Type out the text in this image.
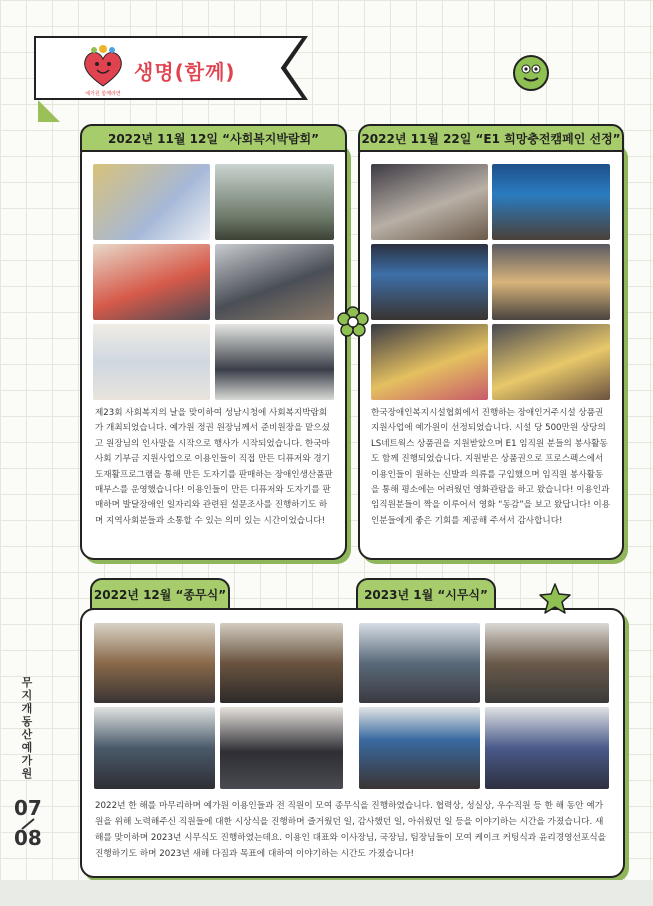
예가원 함께라면
생명(함께)
2022년 11월 12일 “사회복지박람회”
제23회 사회복지의 날을 맞이하여 성남시청에 사회복지박람회가 개최되었습니다. 예가원 정권 원장님께서 준비원장을 맡으셨고 원장님의 인사말을 시작으로 행사가 시작되었습니다. 한국마사회 기부금 지원사업으로 이용인들이 직접 만든 디퓨저와 경기도재활프로그램을 통해 만든 도자기를 판매하는 장애인생산품판매부스를 운영했습니다! 이용인들이 만든 디퓨저와 도자기를 판매하며 발달장애인 일자리와 관련된 설문조사를 진행하기도 하며 지역사회분들과 소통할 수 있는 의미 있는 시간이었습니다!
2022년 11월 22일 “E1 희망충전캠페인 선정”
한국장애인복지시설협회에서 진행하는 장애인거주시설 상품권 지원사업에 예가원이 선정되었습니다. 시설 당 500만원 상당의 LS네트웍스 상품권을 지원받았으며 E1 임직원 분들의 봉사활동도 함께 진행되었습니다. 지원받은 상품권으로 프로스펙스에서 이용인들이 원하는 신발과 의류를 구입했으며 임직원 봉사활동을 통해 평소에는 어려웠던 영화관람을 하고 왔습니다! 이용인과 임직원분들이 짝을 이루어서 영화 “동감”을 보고 왔답니다! 이용인분들에게 좋은 기회를 제공해 주셔서 감사합니다!
2022년 12월 “종무식”	2023년 1월 “시무식”
2022년 한 해를 마무리하며 예가원 이용인들과 전 직원이 모여 종무식을 진행하였습니다. 협력상, 성실상, 우수직원 등 한 해 동안 예가원을 위해 노력해주신 직원들에 대한 시상식을 진행하며 즐거웠던 일, 감사했던 일, 아쉬웠던 일 등을 이야기하는 시간을 가졌습니다. 새해를 맞이하며 2023년 시무식도 진행하였는데요. 이용인 대표와 이사장님, 국장님, 팀장님들이 모여 케이크 커팅식과 윤리경영선포식을 진행하기도 하며 2023년 새해 다짐과 목표에 대하여 이야기하는 시간도 가졌습니다!
무지개동산 예가원
07
08
